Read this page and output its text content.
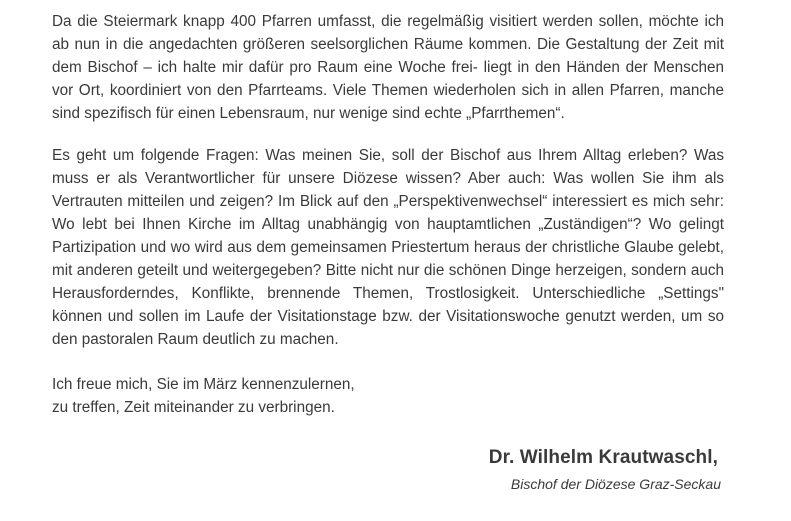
Da die Steiermark knapp 400 Pfarren umfasst, die regelmäßig visitiert werden sollen, möchte ich ab nun in die angedachten größeren seelsorglichen Räume kommen. Die Gestaltung der Zeit mit dem Bischof – ich halte mir dafür pro Raum eine Woche frei- liegt in den Händen der Menschen vor Ort, koordiniert von den Pfarrteams. Viele Themen wiederholen sich in allen Pfarren, manche sind spezifisch für einen Lebensraum, nur wenige sind echte „Pfarrthemen“.

Es geht um folgende Fragen: Was meinen Sie, soll der Bischof aus Ihrem Alltag erleben? Was muss er als Verantwortlicher für unsere Diözese wissen? Aber auch: Was wollen Sie ihm als Vertrauten mitteilen und zeigen? Im Blick auf den „Perspektivenwechsel“ interessiert es mich sehr: Wo lebt bei Ihnen Kirche im Alltag unabhängig von hauptamtlichen „Zuständigen“? Wo gelingt Partizipation und wo wird aus dem gemeinsamen Priestertum heraus der christliche Glaube gelebt, mit anderen geteilt und weitergegeben? Bitte nicht nur die schönen Dinge herzeigen, sondern auch Herausforderndes, Konflikte, brennende Themen, Trostlosigkeit. Unterschiedliche „Settings" können und sollen im Laufe der Visitationstage bzw. der Visitationswoche genutzt werden, um so den pastoralen Raum deutlich zu machen.

Ich freue mich, Sie im März kennenzulernen,
zu treffen, Zeit miteinander zu verbringen.
Dr. Wilhelm Krautwaschl,
Bischof der Diözese Graz-Seckau
